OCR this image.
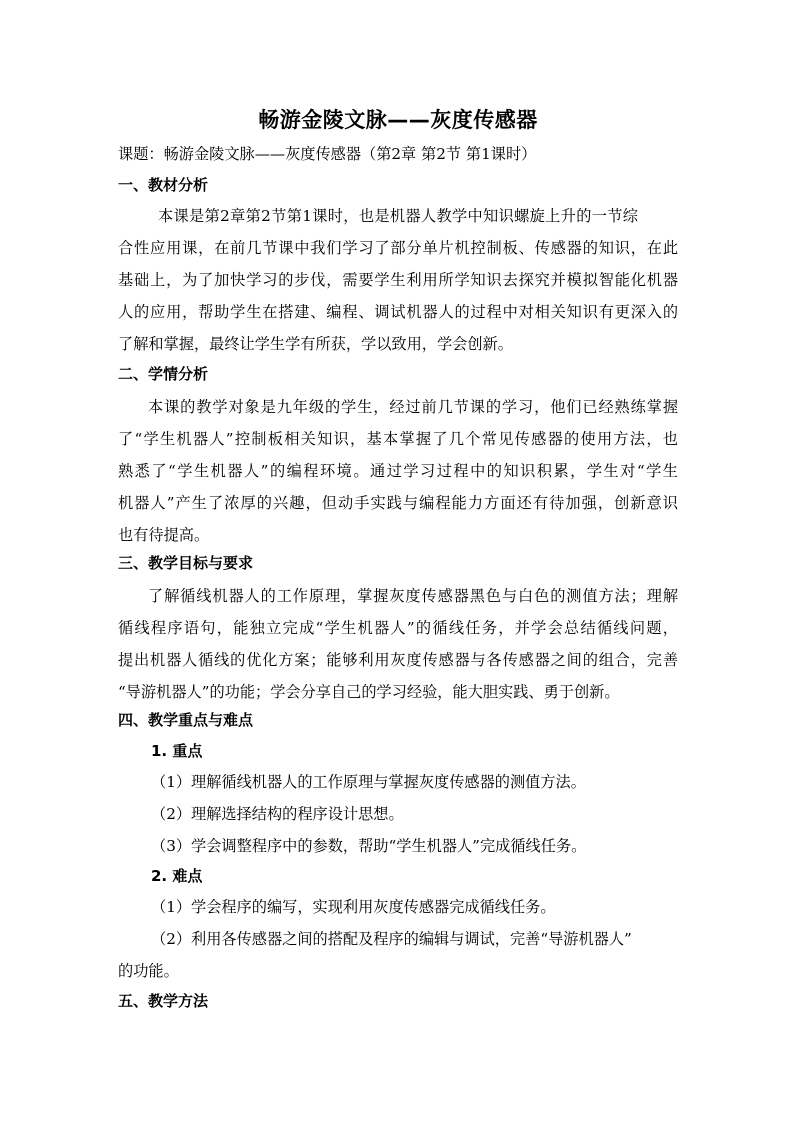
畅游金陵文脉——灰度传感器
课题：畅游金陵文脉——灰度传感器（第2章 第2节 第1课时）
一、教材分析
本课是第2章第2节第1课时，也是机器人教学中知识螺旋上升的一节综
合性应用课，在前几节课中我们学习了部分单片机控制板、传感器的知识，在此
基础上，为了加快学习的步伐，需要学生利用所学知识去探究并模拟智能化机器
人的应用，帮助学生在搭建、编程、调试机器人的过程中对相关知识有更深入的
了解和掌握，最终让学生学有所获，学以致用，学会创新。
二、学情分析
本课的教学对象是九年级的学生，经过前几节课的学习，他们已经熟练掌握
了“学生机器人”控制板相关知识，基本掌握了几个常见传感器的使用方法，也
熟悉了“学生机器人”的编程环境。通过学习过程中的知识积累，学生对“学生
机器人”产生了浓厚的兴趣，但动手实践与编程能力方面还有待加强，创新意识
也有待提高。
三、教学目标与要求
了解循线机器人的工作原理，掌握灰度传感器黑色与白色的测值方法；理解
循线程序语句，能独立完成“学生机器人”的循线任务，并学会总结循线问题，
提出机器人循线的优化方案；能够利用灰度传感器与各传感器之间的组合，完善
“导游机器人”的功能；学会分享自己的学习经验，能大胆实践、勇于创新。
四、教学重点与难点
1. 重点
（1）理解循线机器人的工作原理与掌握灰度传感器的测值方法。
（2）理解选择结构的程序设计思想。
（3）学会调整程序中的参数，帮助“学生机器人”完成循线任务。
2. 难点
（1）学会程序的编写，实现利用灰度传感器完成循线任务。
（2）利用各传感器之间的搭配及程序的编辑与调试，完善“导游机器人”
的功能。
五、教学方法
